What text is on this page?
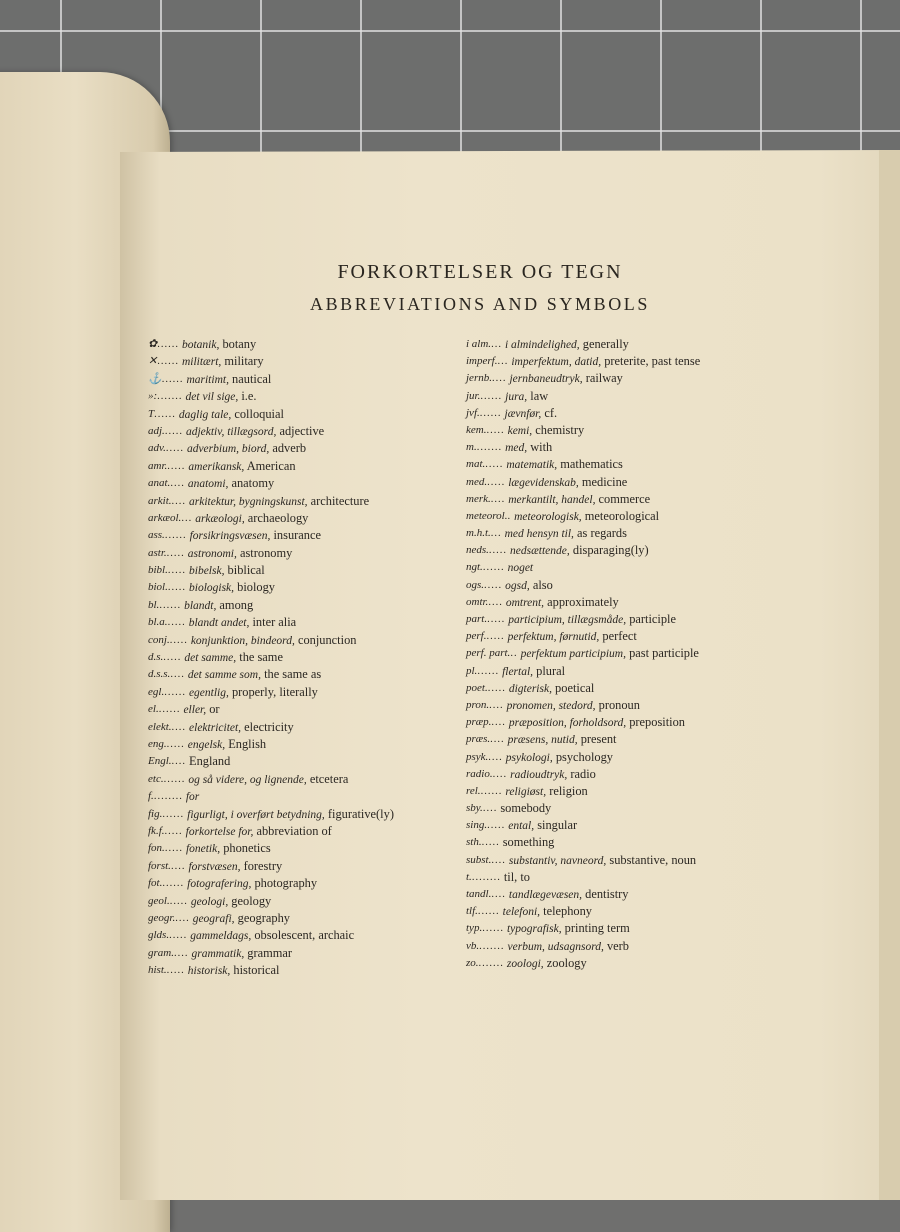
FORKORTELSER OG TEGN
ABBREVIATIONS AND SYMBOLS
✿ ...... botanik, botany
✕ ...... militært, military
⚓ ...... maritimt, nautical
»: ....... det vil sige, i.e.
T ...... daglig tale, colloquial
adj. ..... adjektiv, tillægsord, adjective
adv. ..... adverbium, biord, adverb
amr. ..... amerikansk, American
anat. .... anatomi, anatomy
arkit. .... arkitektur, bygningskunst, architecture
arkæol. ... arkæologi, archaeology
ass. ...... forsikringsvæsen, insurance
astr. ..... astronomi, astronomy
bibl. ..... bibelsk, biblical
biol. ..... biologisk, biology
bl. ...... blandt, among
bl.a. ..... blandt andet, inter alia
conj. ..... konjunktion, bindeord, conjunction
d.s. ..... det samme, the same
d.s.s. .... det samme som, the same as
egl. ...... egentlig, properly, literally
el. ...... eller, or
elekt. .... elektricitet, electricity
eng. ..... engelsk, English
Engl. .... England
etc. ...... og så videre, og lignende, etcetera
f. ........ for
fig. ...... figurligt, i overført betydning, figurative(ly)
fk.f. ..... forkortelse for, abbreviation of
fon. ..... fonetik, phonetics
forst. .... forstvæsen, forestry
fot. ...... fotografering, photography
geol. ..... geologi, geology
geogr. .... geografi, geography
glds. ..... gammeldags, obsolescent, archaic
gram. .... grammatik, grammar
hist. ..... historisk, historical
i alm. ... i almindelighed, generally
imperf. ... imperfektum, datid, preterite, past tense
jernb. .... jernbaneudtryk, railway
jur. ...... jura, law
jvf. ...... jævnfør, cf.
kem. ..... kemi, chemistry
m. ....... med, with
mat. ..... matematik, mathematics
med. ..... lægevidenskab, medicine
merk. .... merkantilt, handel, commerce
meteorol. . meteorologisk, meteorological
m.h.t. ... med hensyn til, as regards
neds. ..... nedsættende, disparaging(ly)
ngt. ...... noget
ogs. ..... ogsd, also
omtr. .... omtrent, approximately
part. ..... participium, tillægsmåde, participle
perf. ..... perfektum, førnutid, perfect
perf. part. .. perfektum participium, past participle
pl. ...... flertal, plural
poet. ..... digterisk, poetical
pron. .... pronomen, stedord, pronoun
præp. .... præposition, forholdsord, preposition
præs. .... præsens, nutid, present
psyk. .... psykologi, psychology
radio. .... radioudtryk, radio
rel. ...... religiøst, religion
sby. .... somebody
sing. ..... ental, singular
sth. ..... something
subst. .... substantiv, navneord, substantive, noun
t. ........ til, to
tandl. .... tandlægevæsen, dentistry
tlf. ...... telefoni, telephony
typ. ...... typografisk, printing term
vb. ....... verbum, udsagnsord, verb
zo. ....... zoologi, zoology
